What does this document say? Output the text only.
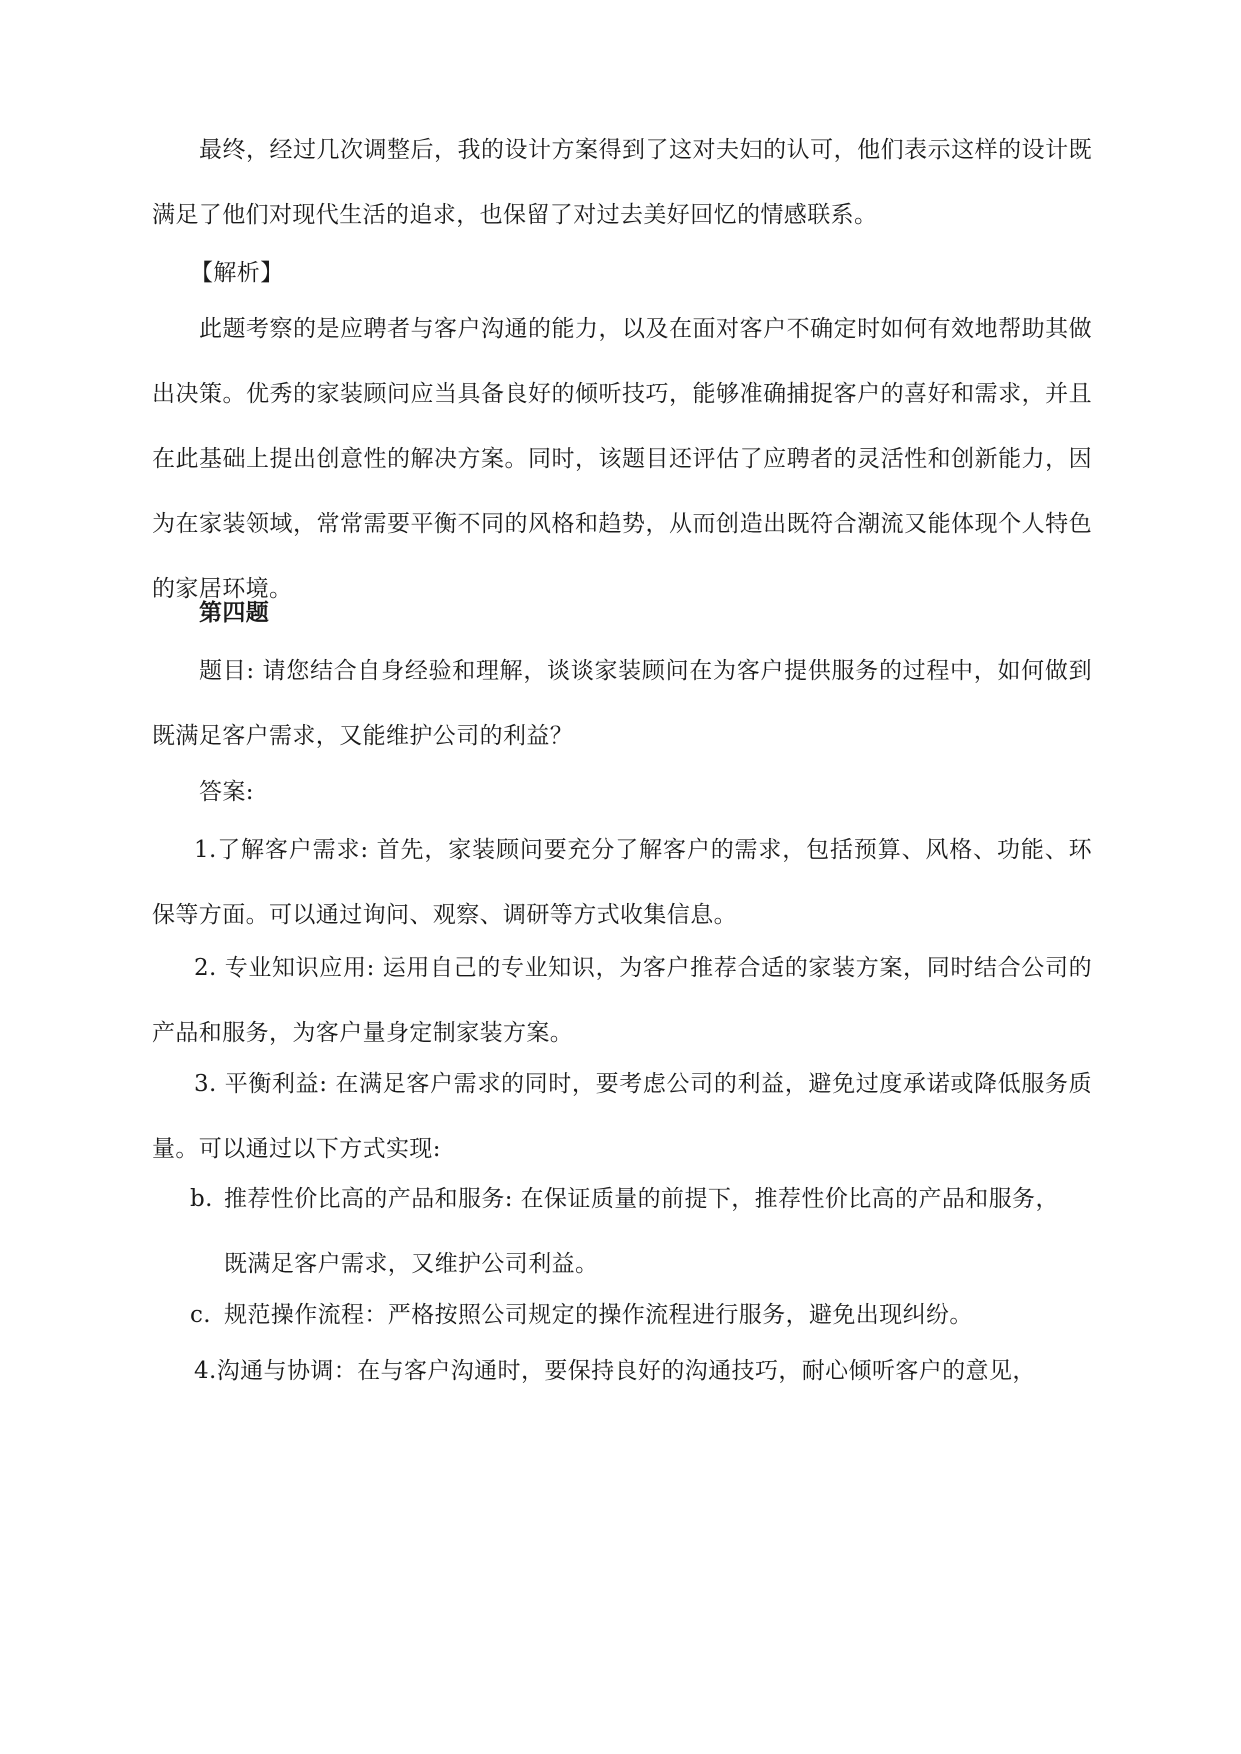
最终，经过几次调整后，我的设计方案得到了这对夫妇的认可，他们表示这样的设计既满足了他们对现代生活的追求，也保留了对过去美好回忆的情感联系。

【解析】

此题考察的是应聘者与客户沟通的能力，以及在面对客户不确定时如何有效地帮助其做出决策。优秀的家装顾问应当具备良好的倾听技巧，能够准确捕捉客户的喜好和需求，并且在此基础上提出创意性的解决方案。同时，该题目还评估了应聘者的灵活性和创新能力，因为在家装领域，常常需要平衡不同的风格和趋势，从而创造出既符合潮流又能体现个人特色的家居环境。

第四题

题目: 请您结合自身经验和理解，谈谈家装顾问在为客户提供服务的过程中，如何做到既满足客户需求，又能维护公司的利益？

答案:

1.了解客户需求: 首先，家装顾问要充分了解客户的需求，包括预算、风格、功能、环保等方面。可以通过询问、观察、调研等方式收集信息。

2. 专业知识应用: 运用自己的专业知识，为客户推荐合适的家装方案，同时结合公司的产品和服务，为客户量身定制家装方案。

3. 平衡利益: 在满足客户需求的同时，要考虑公司的利益，避免过度承诺或降低服务质量。可以通过以下方式实现:

b. 推荐性价比高的产品和服务: 在保证质量的前提下，推荐性价比高的产品和服务，
既满足客户需求，又维护公司利益。
c. 规范操作流程：严格按照公司规定的操作流程进行服务，避免出现纠纷。

4.沟通与协调：在与客户沟通时，要保持良好的沟通技巧，耐心倾听客户的意见，
